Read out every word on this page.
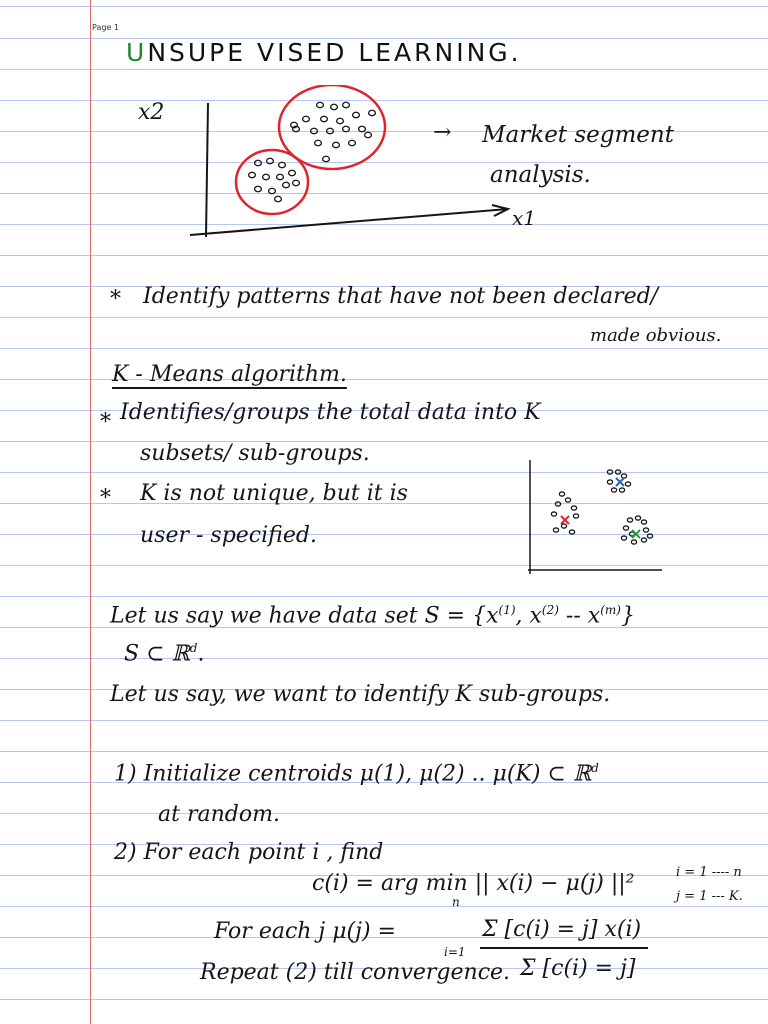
Page 1
UNSUPE VISED LEARNING.
x2
x1
→ Market segment
analysis.
* Identify patterns that have not been declared/
made obvious.
K - Means algorithm.
* Identifies/groups the total data into K
subsets/ sub-groups.
* K is not unique, but it is
user - specified.
Let us say we have data set $S = \{x^{(1)}$, $x^{(2)} -- x^{(m)}$}
S ⊂ ℝ$^d$.
Let us say, we want to identify K sub-groups.
1) Initialize centroids μ(1), μ(2) .. μ(K) ⊂ ℝ$^d$
at random.
2) For each point i , find
c(i) = arg min || x(i) − μ(j) ||²	i = 1 ---- n
j = 1 --- K.
For each j μ(j) =
n
Σ [c(i) = j] x(i)
i=1
Repeat (2) till convergence. Σ [c(i) = j]
